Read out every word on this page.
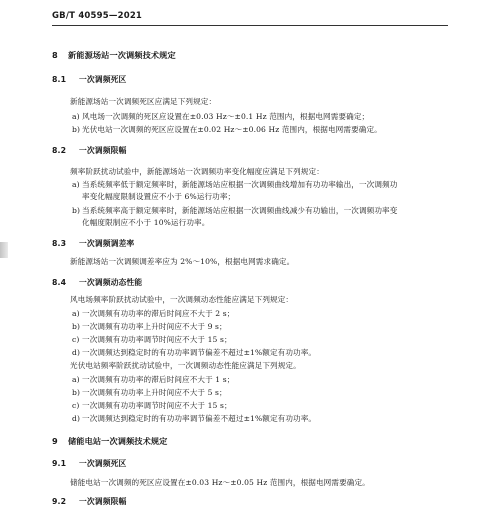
GB/T 40595—2021
8 新能源场站一次调频技术规定
8.1 一次调频死区
新能源场站一次调频死区应满足下列规定：
a) 风电场一次调频的死区应设置在±0.03 Hz～±0.1 Hz 范围内，根据电网需要确定；
b) 光伏电站一次调频的死区应设置在±0.02 Hz～±0.06 Hz 范围内，根据电网需要确定。
8.2 一次调频限幅
频率阶跃扰动试验中，新能源场站一次调频功率变化幅度应满足下列规定：
a) 当系统频率低于额定频率时，新能源场站应根据一次调频曲线增加有功功率输出，一次调频功
率变化幅度限制设置应不小于 6%运行功率；
b) 当系统频率高于额定频率时，新能源场站应根据一次调频曲线减少有功输出，一次调频功率变
化幅度限制应不小于 10%运行功率。
8.3 一次调频调差率
新能源场站一次调频调差率应为 2%～10%，根据电网需求确定。
8.4 一次调频动态性能
风电场频率阶跃扰动试验中，一次调频动态性能应满足下列规定：
a) 一次调频有功功率的滞后时间应不大于 2 s；
b) 一次调频有功功率上升时间应不大于 9 s；
c) 一次调频有功功率调节时间应不大于 15 s；
d) 一次调频达到稳定时的有功功率调节偏差不超过±1%额定有功功率。
光伏电站频率阶跃扰动试验中，一次调频动态性能应满足下列规定。
a) 一次调频有功功率的滞后时间应不大于 1 s；
b) 一次调频有功功率上升时间应不大于 5 s；
c) 一次调频有功功率调节时间应不大于 15 s；
d) 一次调频达到稳定时的有功功率调节偏差不超过±1%额定有功功率。
9 储能电站一次调频技术规定
9.1 一次调频死区
储能电站一次调频的死区应设置在±0.03 Hz～±0.05 Hz 范围内，根据电网需要确定。
9.2 一次调频限幅
